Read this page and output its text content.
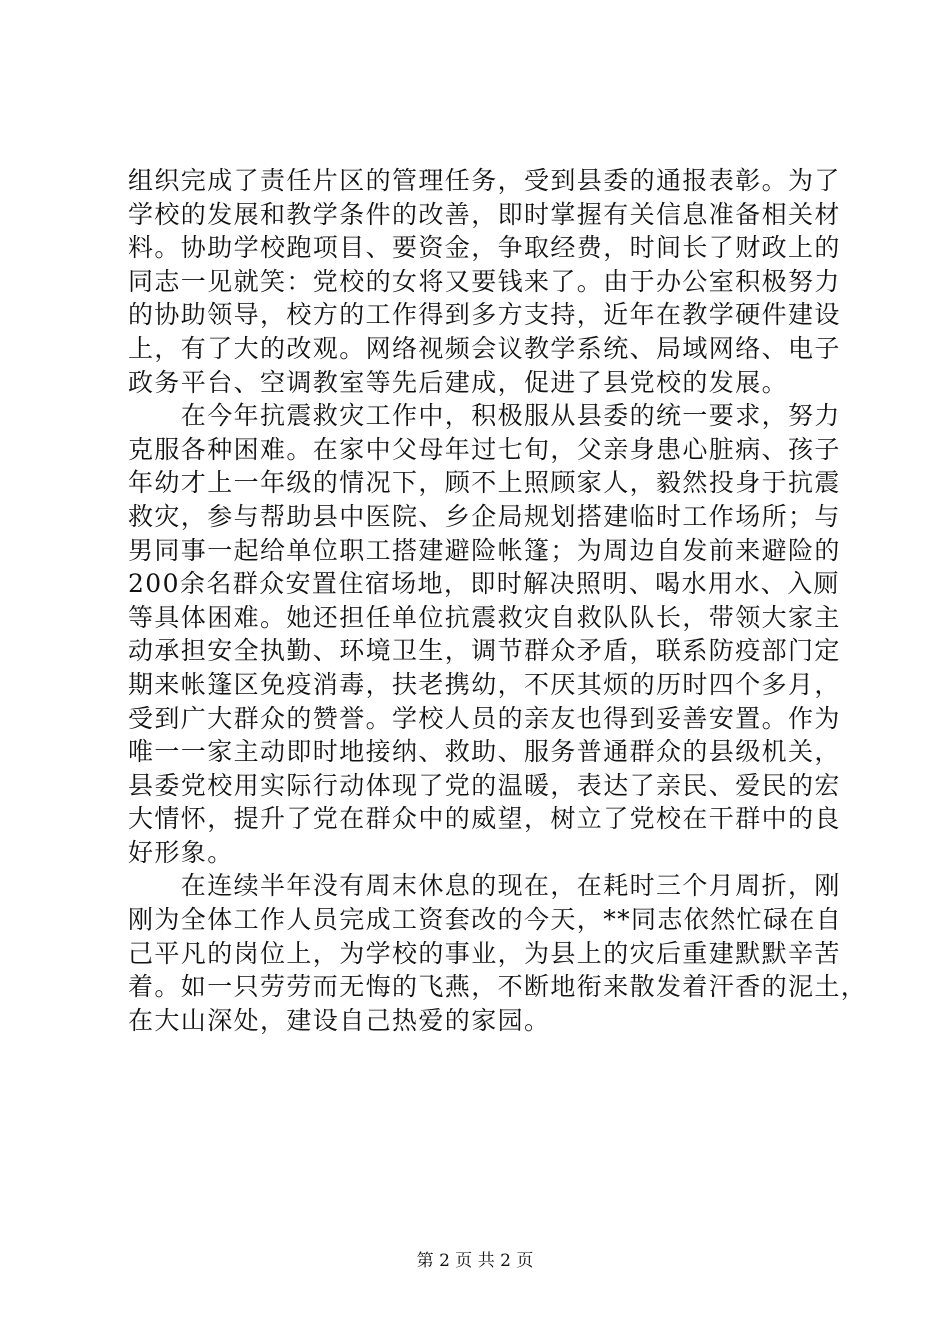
组织完成了责任片区的管理任务，受到县委的通报表彰。为了
学校的发展和教学条件的改善，即时掌握有关信息准备相关材
料。协助学校跑项目、要资金，争取经费，时间长了财政上的
同志一见就笑：党校的女将又要钱来了。由于办公室积极努力
的协助领导，校方的工作得到多方支持，近年在教学硬件建设
上，有了大的改观。网络视频会议教学系统、局域网络、电子
政务平台、空调教室等先后建成，促进了县党校的发展。
　　在今年抗震救灾工作中，积极服从县委的统一要求，努力
克服各种困难。在家中父母年过七旬，父亲身患心脏病、孩子
年幼才上一年级的情况下，顾不上照顾家人，毅然投身于抗震
救灾，参与帮助县中医院、乡企局规划搭建临时工作场所；与
男同事一起给单位职工搭建避险帐篷；为周边自发前来避险的
200余名群众安置住宿场地，即时解决照明、喝水用水、入厕
等具体困难。她还担任单位抗震救灾自救队队长，带领大家主
动承担安全执勤、环境卫生，调节群众矛盾，联系防疫部门定
期来帐篷区免疫消毒，扶老携幼，不厌其烦的历时四个多月，
受到广大群众的赞誉。学校人员的亲友也得到妥善安置。作为
唯一一家主动即时地接纳、救助、服务普通群众的县级机关，
县委党校用实际行动体现了党的温暖，表达了亲民、爱民的宏
大情怀，提升了党在群众中的威望，树立了党校在干群中的良
好形象。
　　在连续半年没有周末休息的现在，在耗时三个月周折，刚
刚为全体工作人员完成工资套改的今天，**同志依然忙碌在自
己平凡的岗位上，为学校的事业，为县上的灾后重建默默辛苦
着。如一只劳劳而无悔的飞燕，不断地衔来散发着汗香的泥土，
在大山深处，建设自己热爱的家园。
第 2 页 共 2 页
